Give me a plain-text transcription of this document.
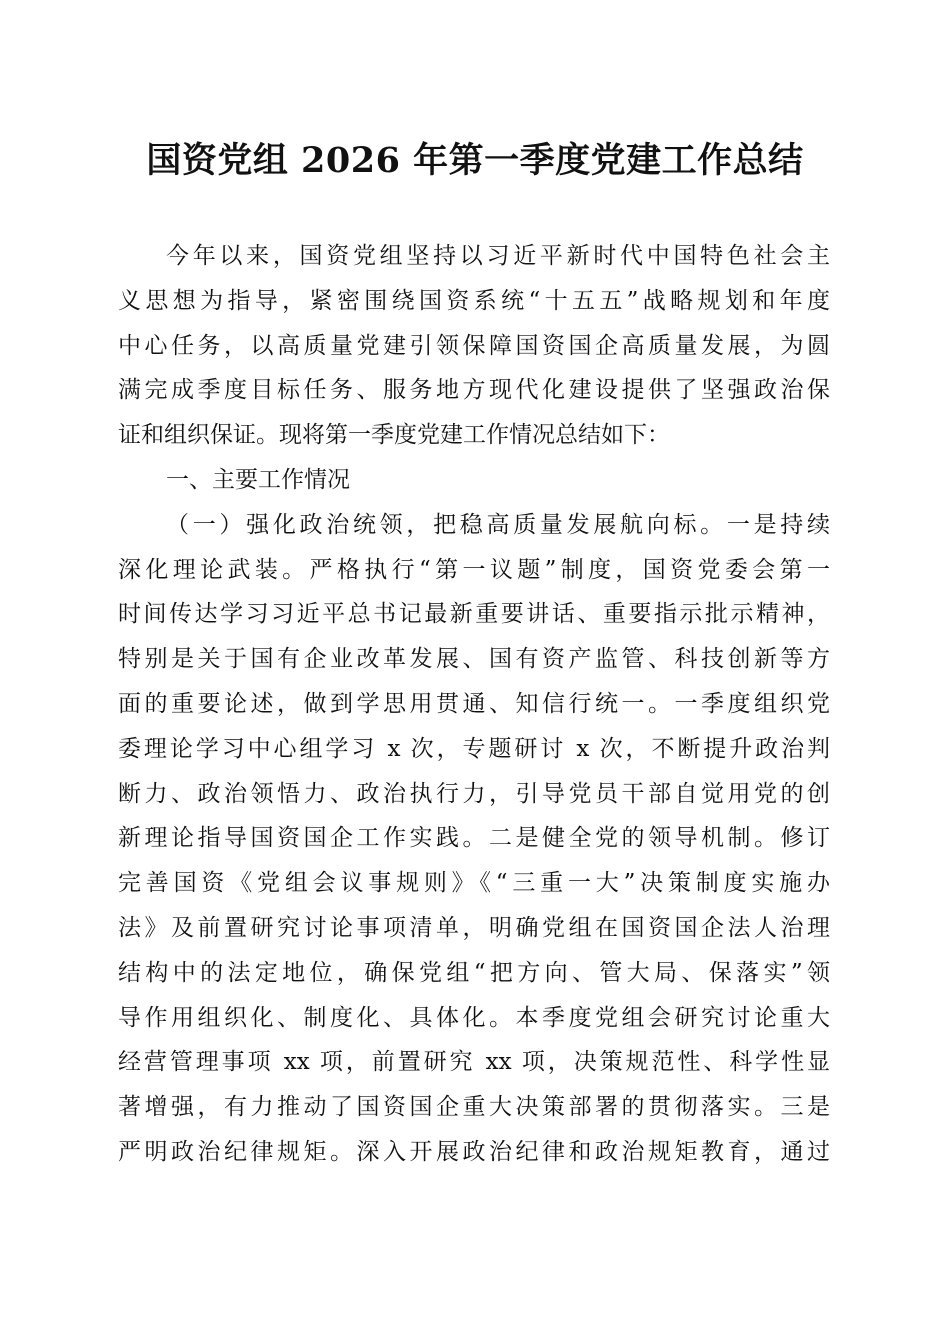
国资党组 2026 年第一季度党建工作总结
今年以来，国资党组坚持以习近平新时代中国特色社会主
义思想为指导，紧密围绕国资系统“十五五”战略规划和年度
中心任务，以高质量党建引领保障国资国企高质量发展，为圆
满完成季度目标任务、服务地方现代化建设提供了坚强政治保
证和组织保证。现将第一季度党建工作情况总结如下：
一、主要工作情况
（一）强化政治统领，把稳高质量发展航向标。一是持续
深化理论武装。严格执行“第一议题”制度，国资党委会第一
时间传达学习习近平总书记最新重要讲话、重要指示批示精神，
特别是关于国有企业改革发展、国有资产监管、科技创新等方
面的重要论述，做到学思用贯通、知信行统一。一季度组织党
委理论学习中心组学习 x 次，专题研讨 x 次，不断提升政治判
断力、政治领悟力、政治执行力，引导党员干部自觉用党的创
新理论指导国资国企工作实践。二是健全党的领导机制。修订
完善国资《党组会议事规则》《“三重一大”决策制度实施办
法》及前置研究讨论事项清单，明确党组在国资国企法人治理
结构中的法定地位，确保党组“把方向、管大局、保落实”领
导作用组织化、制度化、具体化。本季度党组会研究讨论重大
经营管理事项 xx 项，前置研究 xx 项，决策规范性、科学性显
著增强，有力推动了国资国企重大决策部署的贯彻落实。三是
严明政治纪律规矩。深入开展政治纪律和政治规矩教育，通过
